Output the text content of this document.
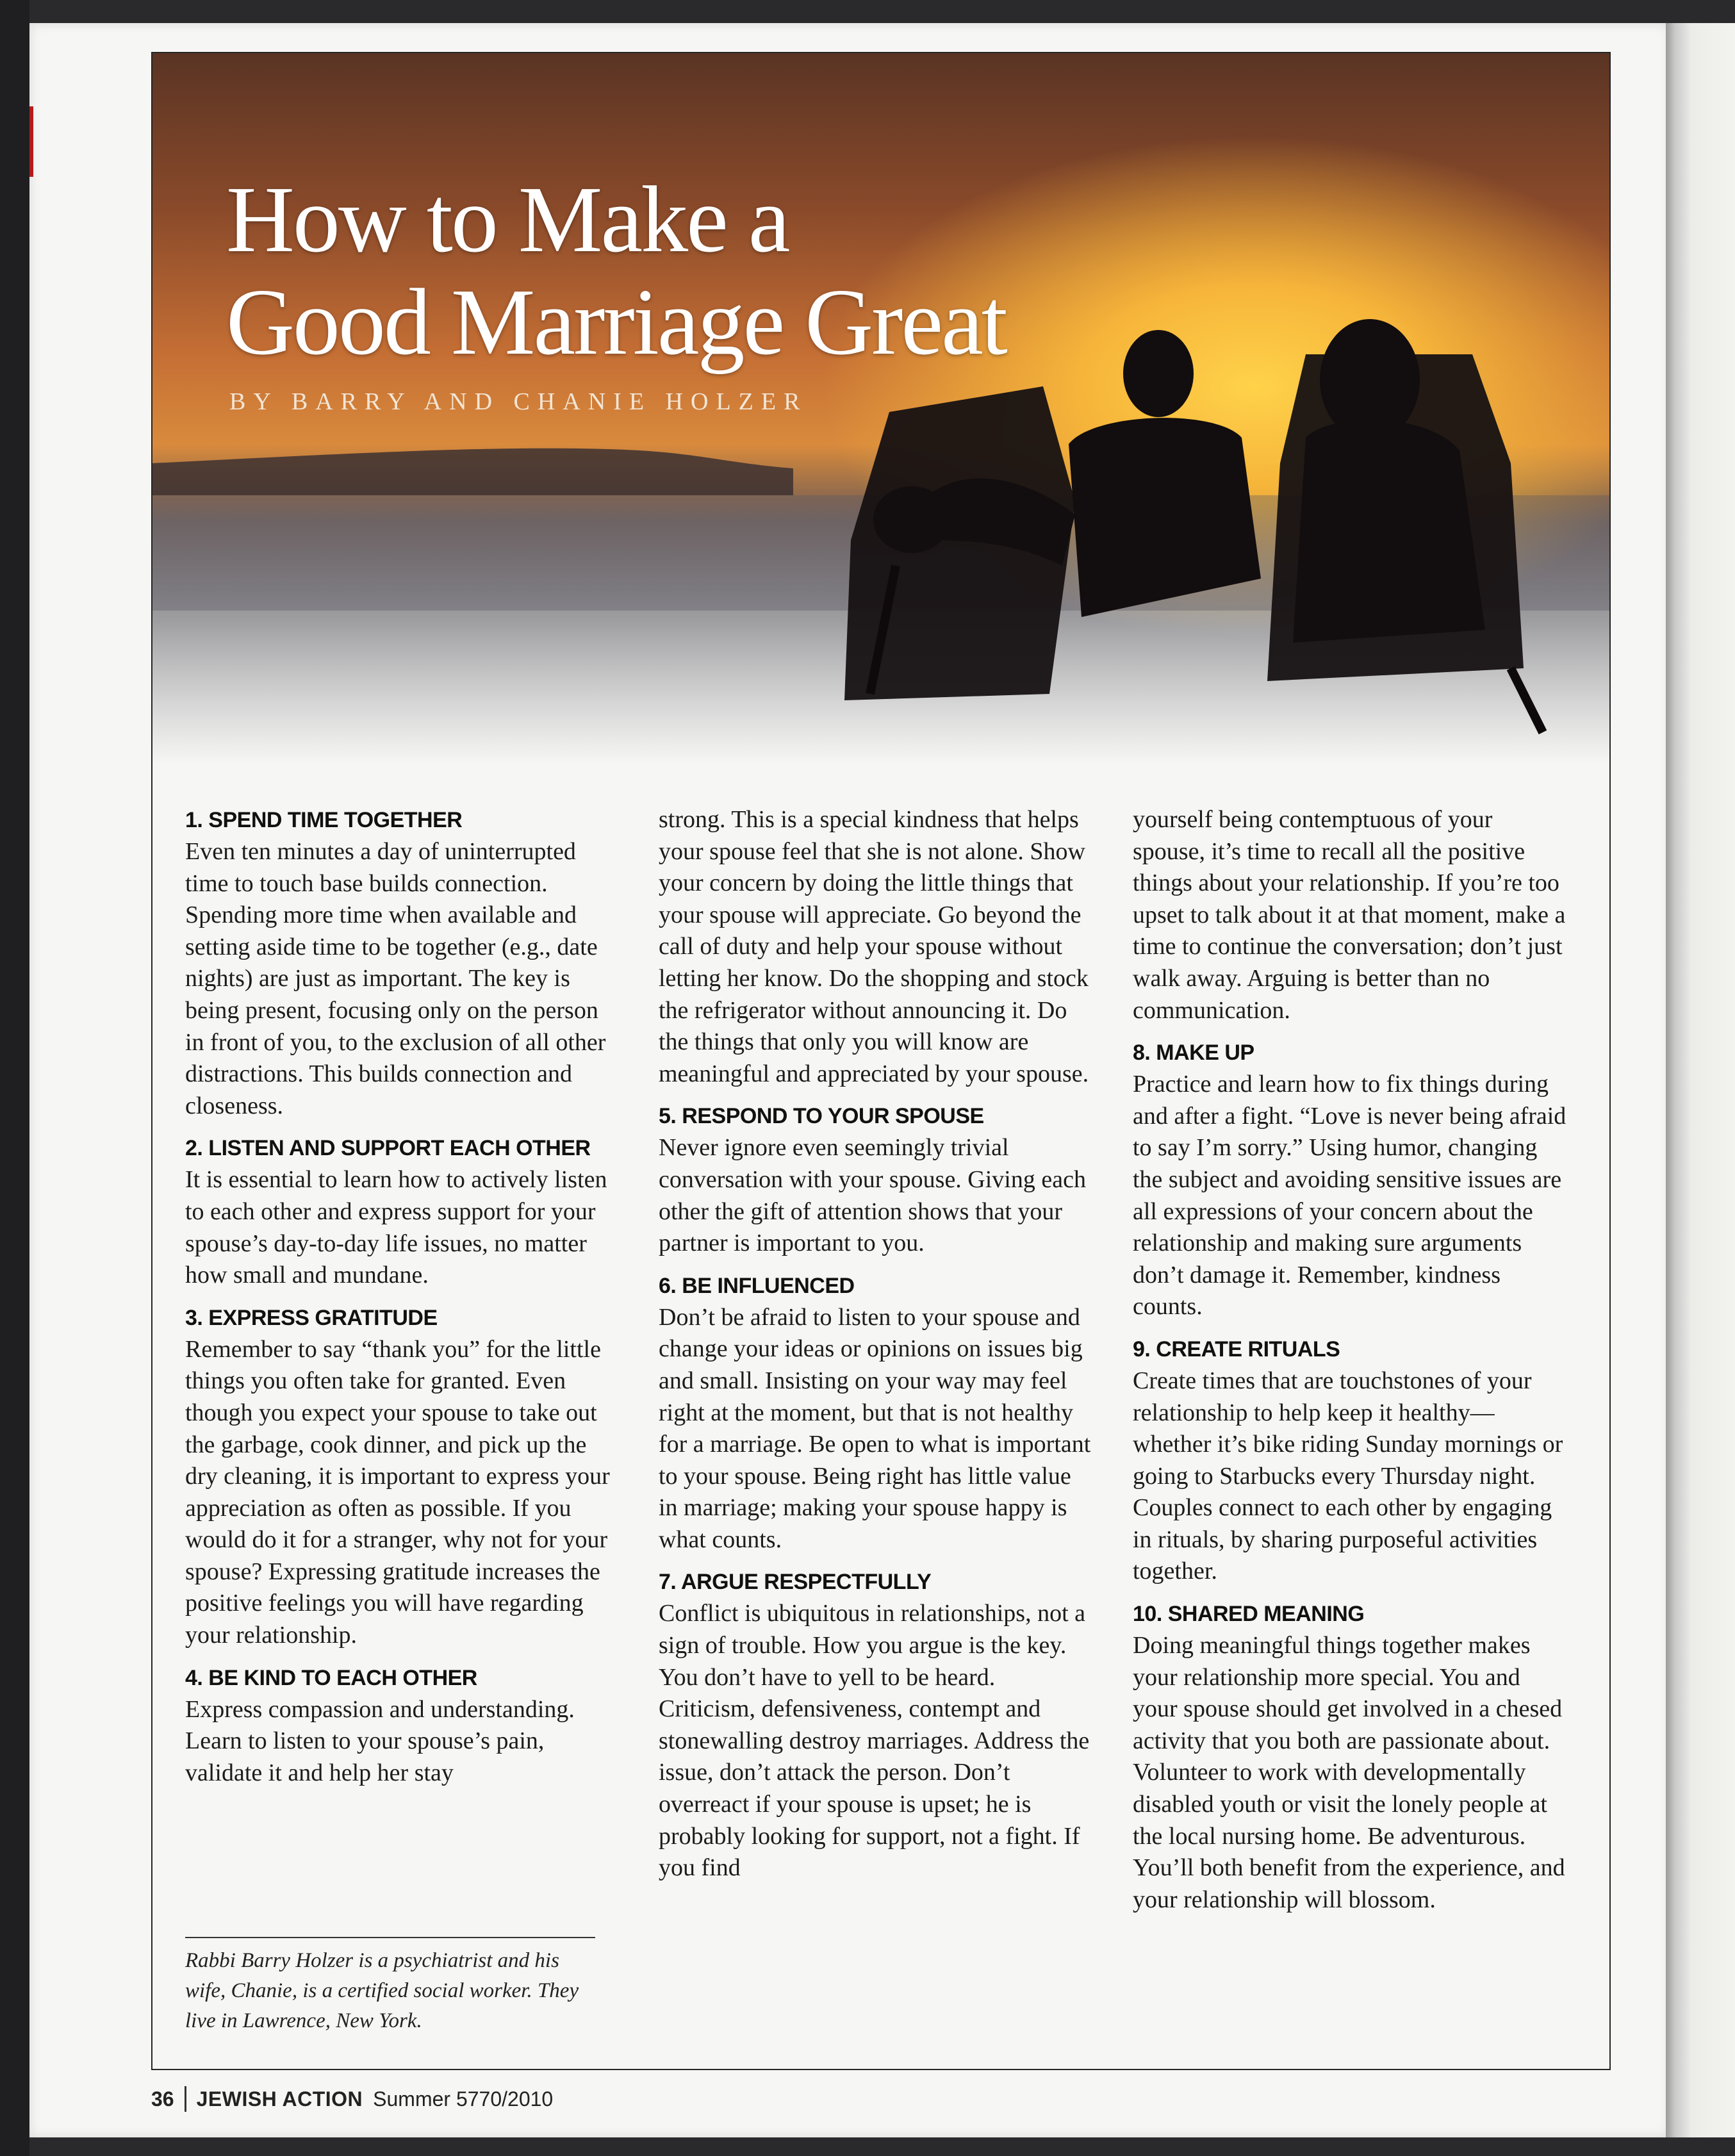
How to Make a
Good Marriage Great
BY BARRY AND CHANIE HOLZER
1. SPEND TIME TOGETHER

Even ten minutes a day of uninterrupted time to touch base builds connection. Spending more time when available and setting aside time to be together (e.g., date nights) are just as important. The key is being present, focusing only on the person in front of you, to the exclusion of all other distractions. This builds connection and closeness.

2. LISTEN AND SUPPORT EACH OTHER

It is essential to learn how to actively listen to each other and express support for your spouse’s day-to-day life issues, no matter how small and mundane.

3. EXPRESS GRATITUDE

Remember to say “thank you” for the little things you often take for granted. Even though you expect your spouse to take out the garbage, cook dinner, and pick up the dry cleaning, it is important to express your appreciation as often as possible. If you would do it for a stranger, why not for your spouse? Expressing gratitude increases the positive feelings you will have regarding your relationship.

4. BE KIND TO EACH OTHER

Express compassion and understanding. Learn to listen to your spouse’s pain, validate it and help her stay

Rabbi Barry Holzer is a psychiatrist and his wife, Chanie, is a certified social worker. They live in Lawrence, New York.

strong. This is a special kindness that helps your spouse feel that she is not alone. Show your concern by doing the little things that your spouse will appreciate. Go beyond the call of duty and help your spouse without letting her know. Do the shopping and stock the refrigerator without announcing it. Do the things that only you will know are meaningful and appreciated by your spouse.

5. RESPOND TO YOUR SPOUSE

Never ignore even seemingly trivial conversation with your spouse. Giving each other the gift of attention shows that your partner is important to you.

6. BE INFLUENCED

Don’t be afraid to listen to your spouse and change your ideas or opinions on issues big and small. Insisting on your way may feel right at the moment, but that is not healthy for a marriage. Be open to what is important to your spouse. Being right has little value in marriage; making your spouse happy is what counts.

7. ARGUE RESPECTFULLY

Conflict is ubiquitous in relationships, not a sign of trouble. How you argue is the key. You don’t have to yell to be heard. Criticism, defensiveness, contempt and stonewalling destroy marriages. Address the issue, don’t attack the person. Don’t overreact if your spouse is upset; he is probably looking for support, not a fight. If you find

yourself being contemptuous of your spouse, it’s time to recall all the positive things about your relationship. If you’re too upset to talk about it at that moment, make a time to continue the conversation; don’t just walk away. Arguing is better than no communication.

8. MAKE UP

Practice and learn how to fix things during and after a fight. “Love is never being afraid to say I’m sorry.” Using humor, changing the subject and avoiding sensitive issues are all expressions of your concern about the relationship and making sure arguments don’t damage it. Remember, kindness counts.

9. CREATE RITUALS

Create times that are touchstones of your relationship to help keep it healthy—whether it’s bike riding Sunday mornings or going to Starbucks every Thursday night. Couples connect to each other by engaging in rituals, by sharing purposeful activities together.

10. SHARED MEANING

Doing meaningful things together makes your relationship more special. You and your spouse should get involved in a chesed activity that you both are passionate about. Volunteer to work with developmentally disabled youth or visit the lonely people at the local nursing home. Be adventurous. You’ll both benefit from the experience, and your relationship will blossom.

36 JEWISH ACTION Summer 5770/2010
